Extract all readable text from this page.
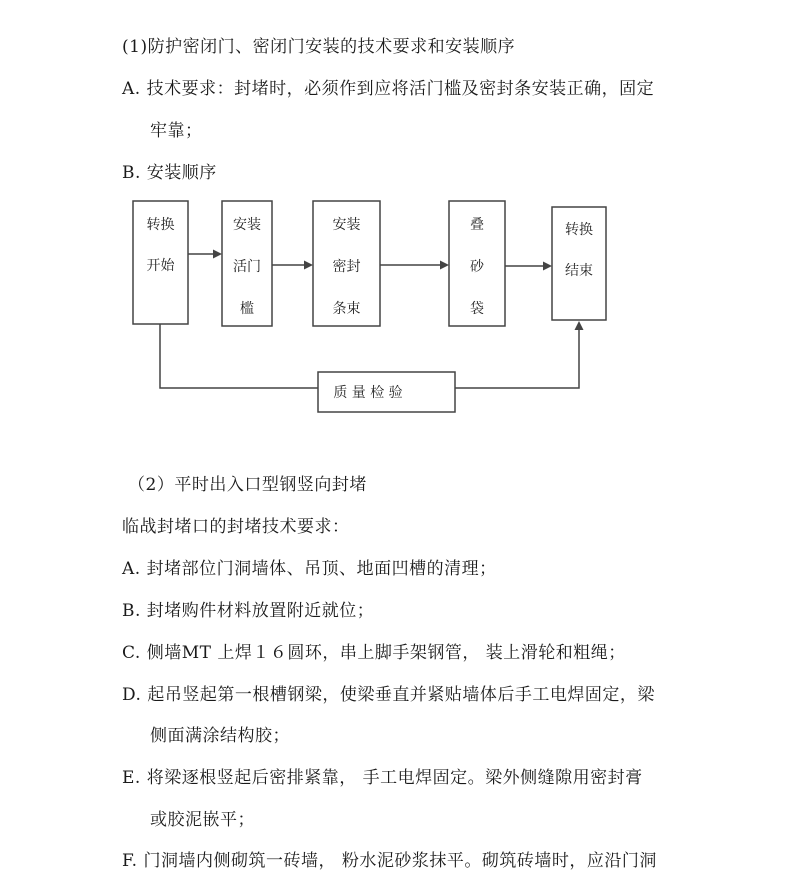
(1)防护密闭门、密闭门安装的技术要求和安装顺序
A. 技术要求：封堵时，必须作到应将活门槛及密封条安装正确，固定
牢靠；
B. 安装顺序
转换
开始
安装
活门
槛
安装
密封
条束
叠
砂
袋
转换
结束
质 量 检 验
（2）平时出入口型钢竖向封堵
临战封堵口的封堵技术要求：
A. 封堵部位门洞墙体、吊顶、地面凹槽的清理；
B. 封堵购件材料放置附近就位；
C. 侧墙MT 上焊１６圆环，串上脚手架钢管， 装上滑轮和粗绳；
D. 起吊竖起第一根槽钢梁，使梁垂直并紧贴墙体后手工电焊固定，梁
侧面满涂结构胶；
E. 将梁逐根竖起后密排紧靠， 手工电焊固定。梁外侧缝隙用密封膏
或胶泥嵌平；
F. 门洞墙内侧砌筑一砖墙， 粉水泥砂浆抹平。砌筑砖墙时，应沿门洞
